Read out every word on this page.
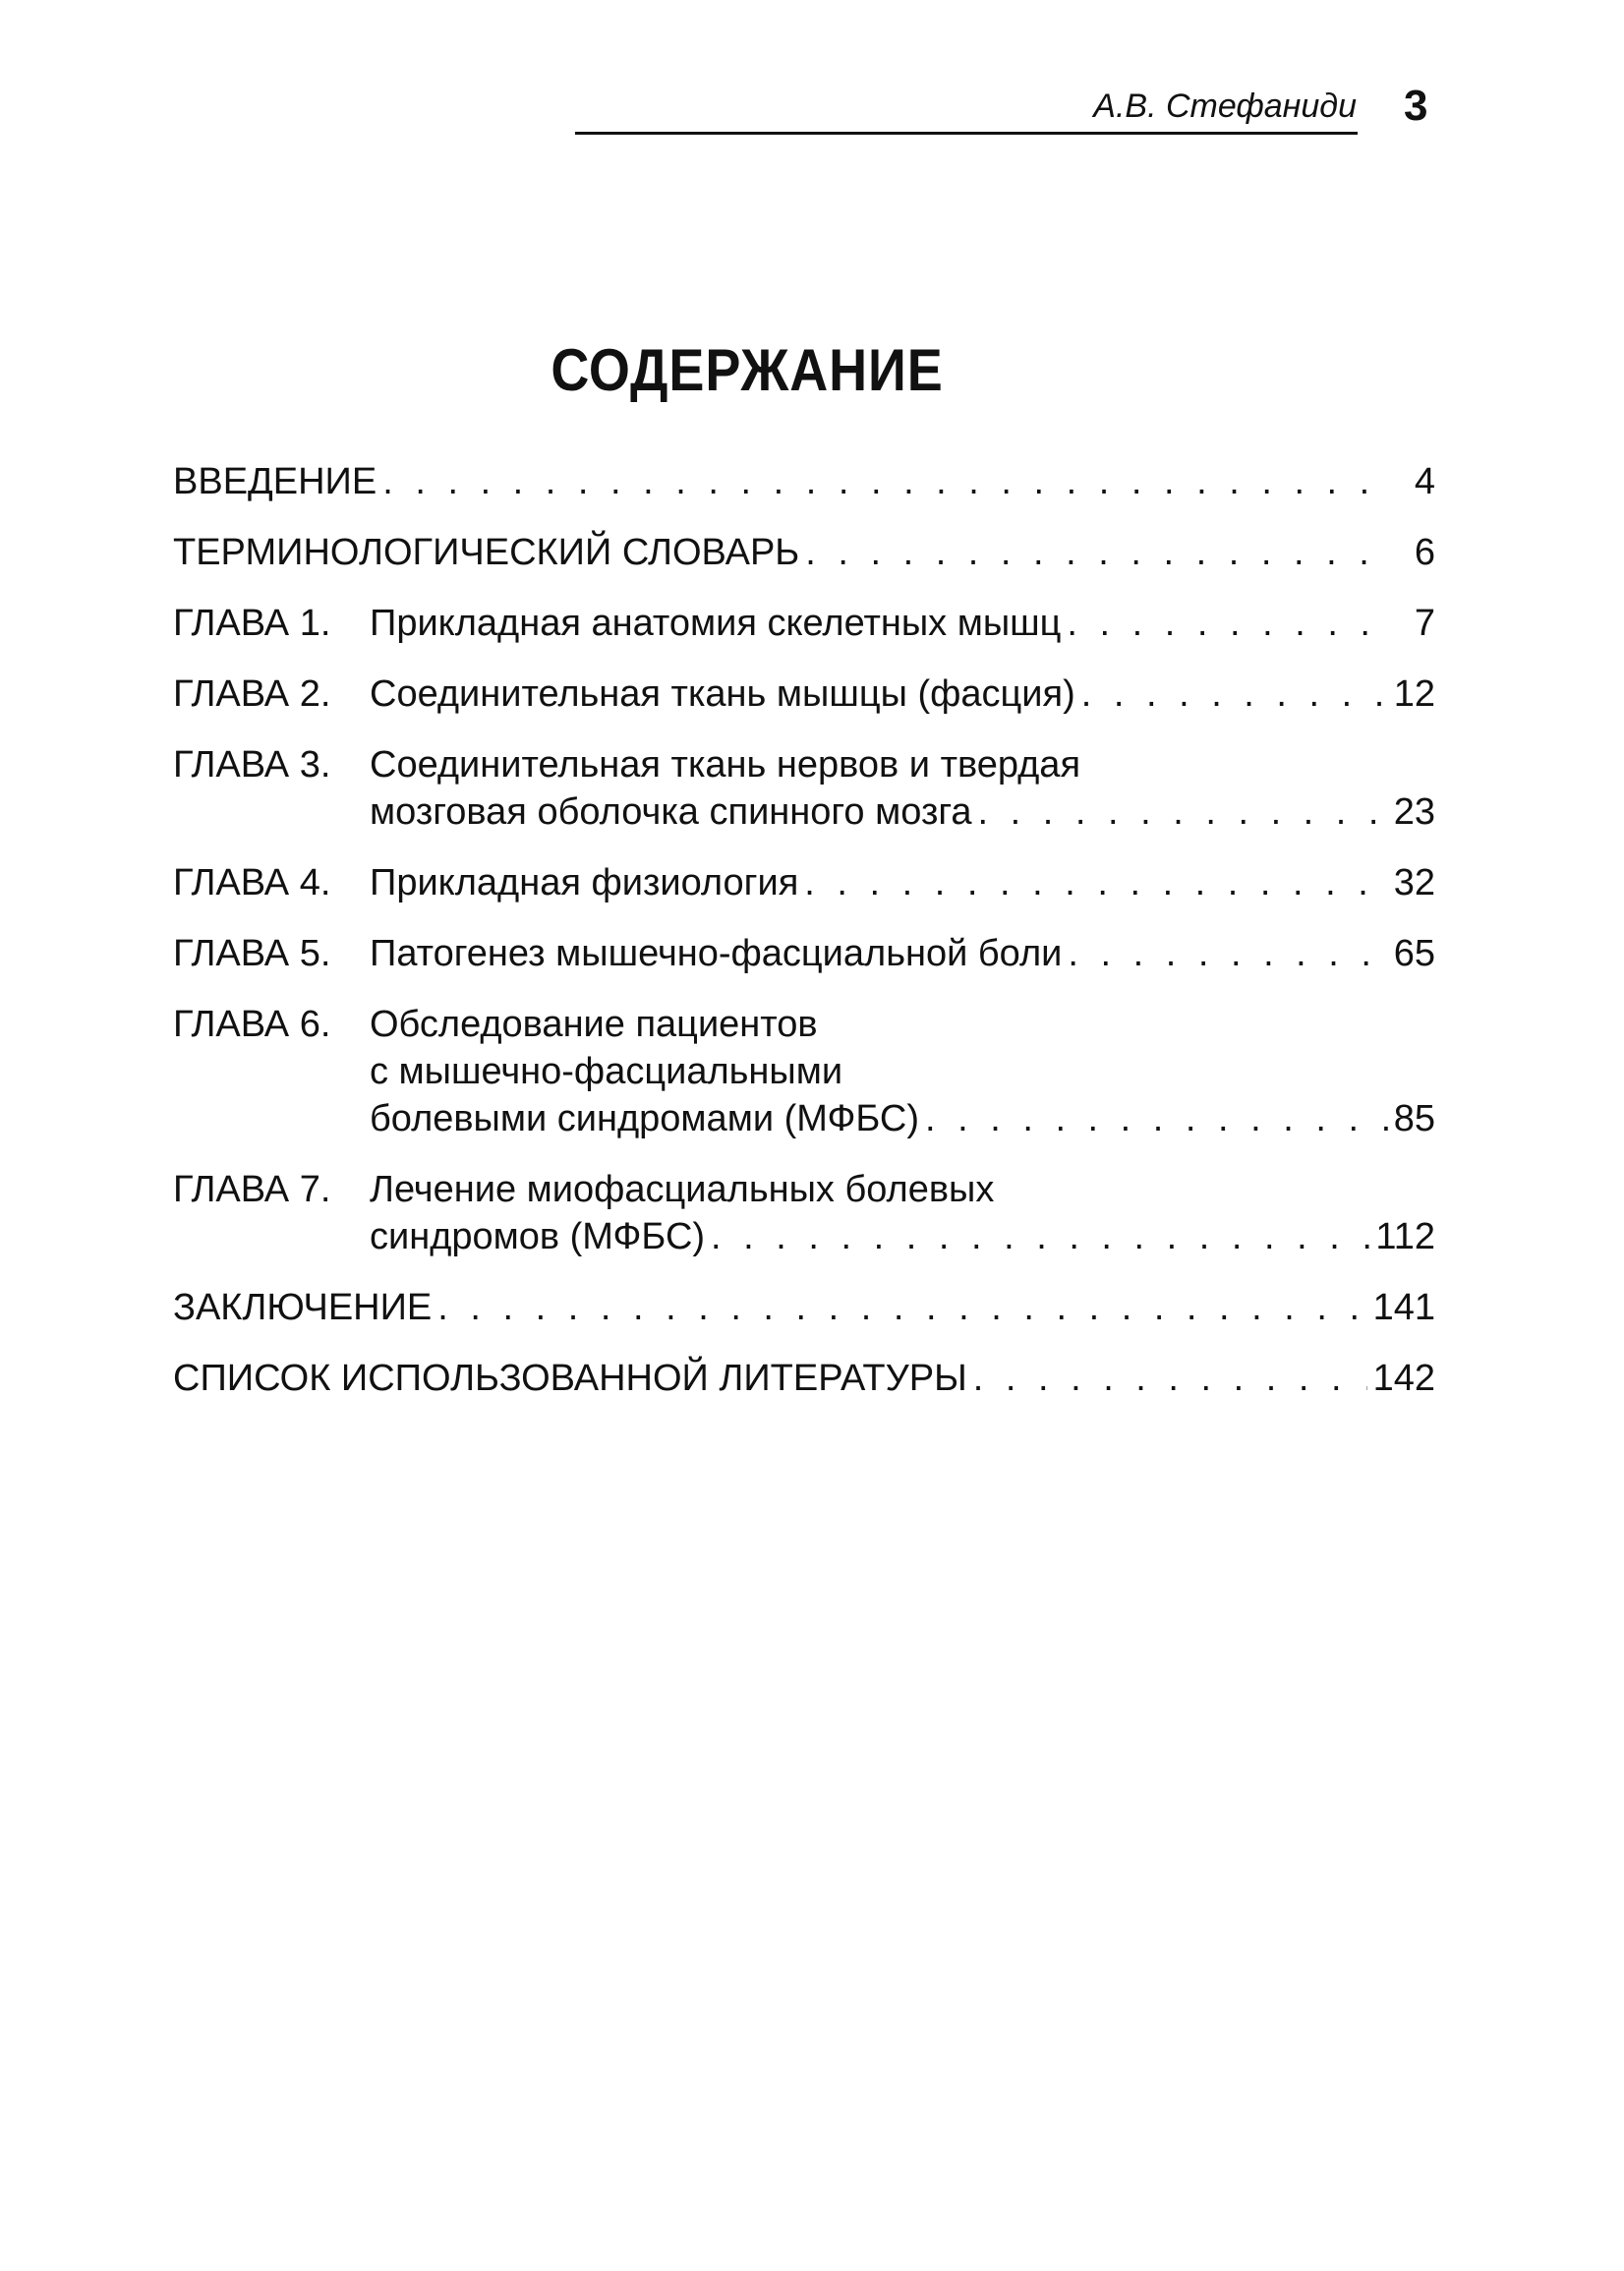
А.В. Стефаниди 3
СОДЕРЖАНИЕ
ВВЕДЕНИЕ . . .	4
ТЕРМИНОЛОГИЧЕСКИЙ СЛОВАРЬ . . .	6
ГЛАВА 1.	Прикладная анатомия скелетных мышц . . .	7
ГЛАВА 2.	Соединительная ткань мышцы (фасция) . . .	12
ГЛАВА 3.	Соединительная ткань нервов и твердая
мозговая оболочка спинного мозга . . .	23
ГЛАВА 4.	Прикладная физиология . . .	32
ГЛАВА 5.	Патогенез мышечно-фасциальной боли . . .	65
ГЛАВА 6.	Обследование пациентов
с мышечно-фасциальными
болевыми синдромами (МФБС) . . .	85
ГЛАВА 7.	Лечение миофасциальных болевых
синдромов (МФБС) . . .	112
ЗАКЛЮЧЕНИЕ . . .	141
СПИСОК ИСПОЛЬЗОВАННОЙ ЛИТЕРАТУРЫ . . .	142
